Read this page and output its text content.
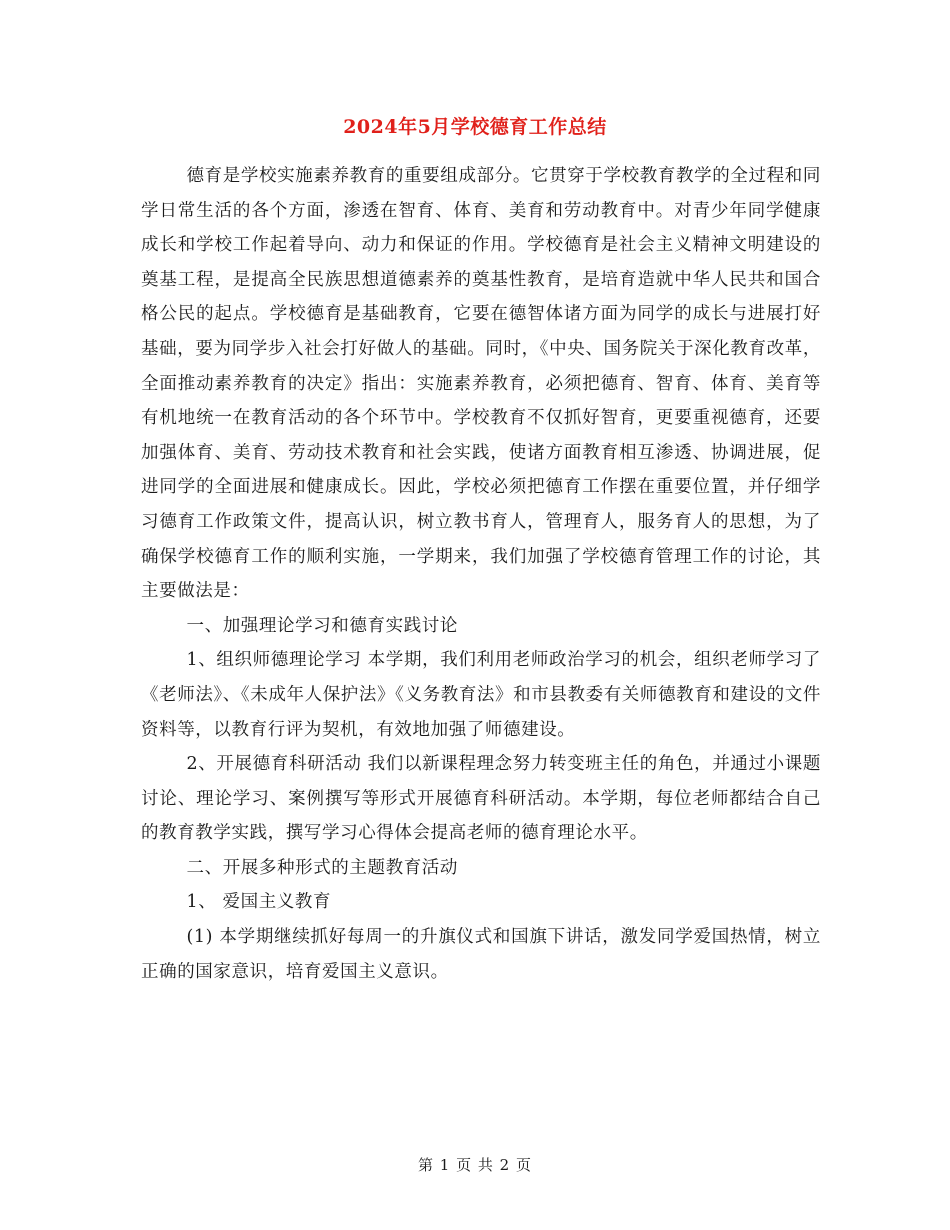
2024年5月学校德育工作总结

德育是学校实施素养教育的重要组成部分。它贯穿于学校教育教学的全过程和同学日常生活的各个方面，渗透在智育、体育、美育和劳动教育中。对青少年同学健康成长和学校工作起着导向、动力和保证的作用。学校德育是社会主义精神文明建设的奠基工程，是提高全民族思想道德素养的奠基性教育，是培育造就中华人民共和国合格公民的起点。学校德育是基础教育，它要在德智体诸方面为同学的成长与进展打好基础，要为同学步入社会打好做人的基础。同时，《中央、国务院关于深化教育改革，全面推动素养教育的决定》指出：实施素养教育，必须把德育、智育、体育、美育等有机地统一在教育活动的各个环节中。学校教育不仅抓好智育，更要重视德育，还要加强体育、美育、劳动技术教育和社会实践，使诸方面教育相互渗透、协调进展，促进同学的全面进展和健康成长。因此，学校必须把德育工作摆在重要位置，并仔细学习德育工作政策文件，提高认识，树立教书育人，管理育人，服务育人的思想，为了确保学校德育工作的顺利实施，一学期来，我们加强了学校德育管理工作的讨论，其主要做法是：

一、加强理论学习和德育实践讨论

1、组织师德理论学习 本学期，我们利用老师政治学习的机会，组织老师学习了《老师法》、《未成年人保护法》《义务教育法》和市县教委有关师德教育和建设的文件资料等，以教育行评为契机，有效地加强了师德建设。

2、开展德育科研活动 我们以新课程理念努力转变班主任的角色，并通过小课题讨论、理论学习、案例撰写等形式开展德育科研活动。本学期，每位老师都结合自己的教育教学实践，撰写学习心得体会提高老师的德育理论水平。

二、开展多种形式的主题教育活动

1、 爱国主义教育

(1) 本学期继续抓好每周一的升旗仪式和国旗下讲话，激发同学爱国热情，树立正确的国家意识，培育爱国主义意识。

第 1 页 共 2 页
